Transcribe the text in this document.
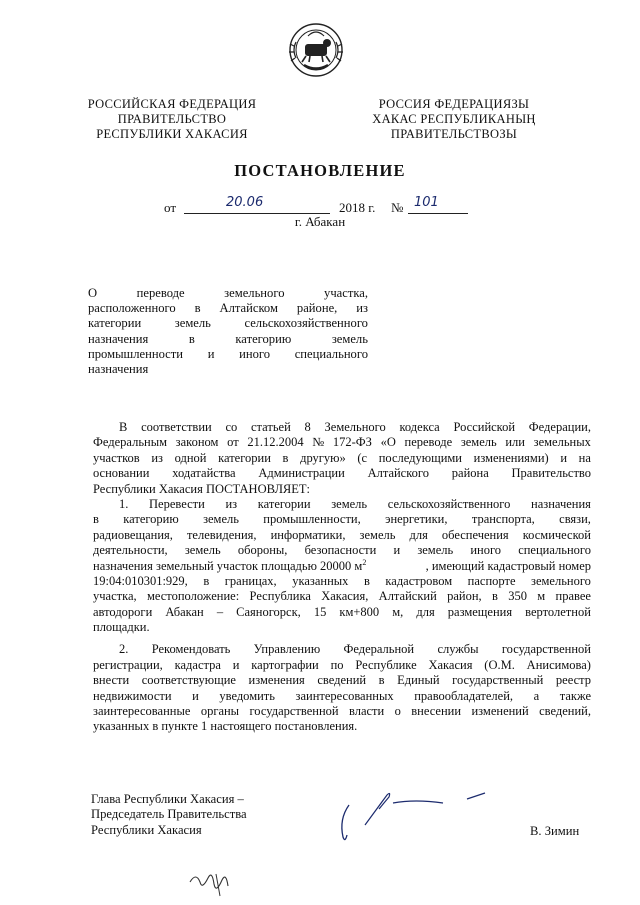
РОССИЙСКАЯ ФЕДЕРАЦИЯ
ПРАВИТЕЛЬСТВО
РЕСПУБЛИКИ ХАКАСИЯ
РОССИЯ ФЕДЕРАЦИЯЗЫ
ХАКАС РЕСПУБЛИКАНЫҢ
ПРАВИТЕЛЬСТВОЗЫ
ПОСТАНОВЛЕНИЕ
от	20.06	2018 г. № 101
г. Абакан
О	переводе	земельного	участка,
расположенного в Алтайском районе, из
категории	земель	сельскохозяйственного
назначения	в	категорию	земель
промышленности и иного специального
назначения
В соответствии со статьей 8 Земельного кодекса Российской Федерации,
Федеральным законом от 21.12.2004 № 172-ФЗ «О переводе земель или земельных
участков из одной категории в другую» (с последующими изменениями) и на
основании ходатайства Администрации Алтайского района Правительство
Республики Хакасия ПОСТАНОВЛЯЕТ:
1. Перевести из категории земель сельскохозяйственного назначения
в категорию земель промышленности, энергетики, транспорта, связи,
радиовещания, телевидения, информатики, земель для обеспечения космической
деятельности, земель обороны, безопасности и земель иного специального
назначения земельный участок площадью 20000 $м^2$	, имеющий кадастровый номер
19:04:010301:929, в границах, указанных в кадастровом паспорте земельного
участка, местоположение: Республика Хакасия, Алтайский район, в 350 м правее
автодороги Абакан – Саяногорск, 15 км+800 м, для размещения вертолетной
площадки.
2. Рекомендовать Управлению Федеральной службы государственной
регистрации, кадастра и картографии по Республике Хакасия (О.М. Анисимова)
внести соответствующие изменения сведений в Единый государственный реестр
недвижимости и уведомить заинтересованных правообладателей, а также
заинтересованные органы государственной власти о внесении изменений сведений,
указанных в пункте 1 настоящего постановления.
Глава Республики Хакасия –
Председатель Правительства
Республики Хакасия	В. Зимин
